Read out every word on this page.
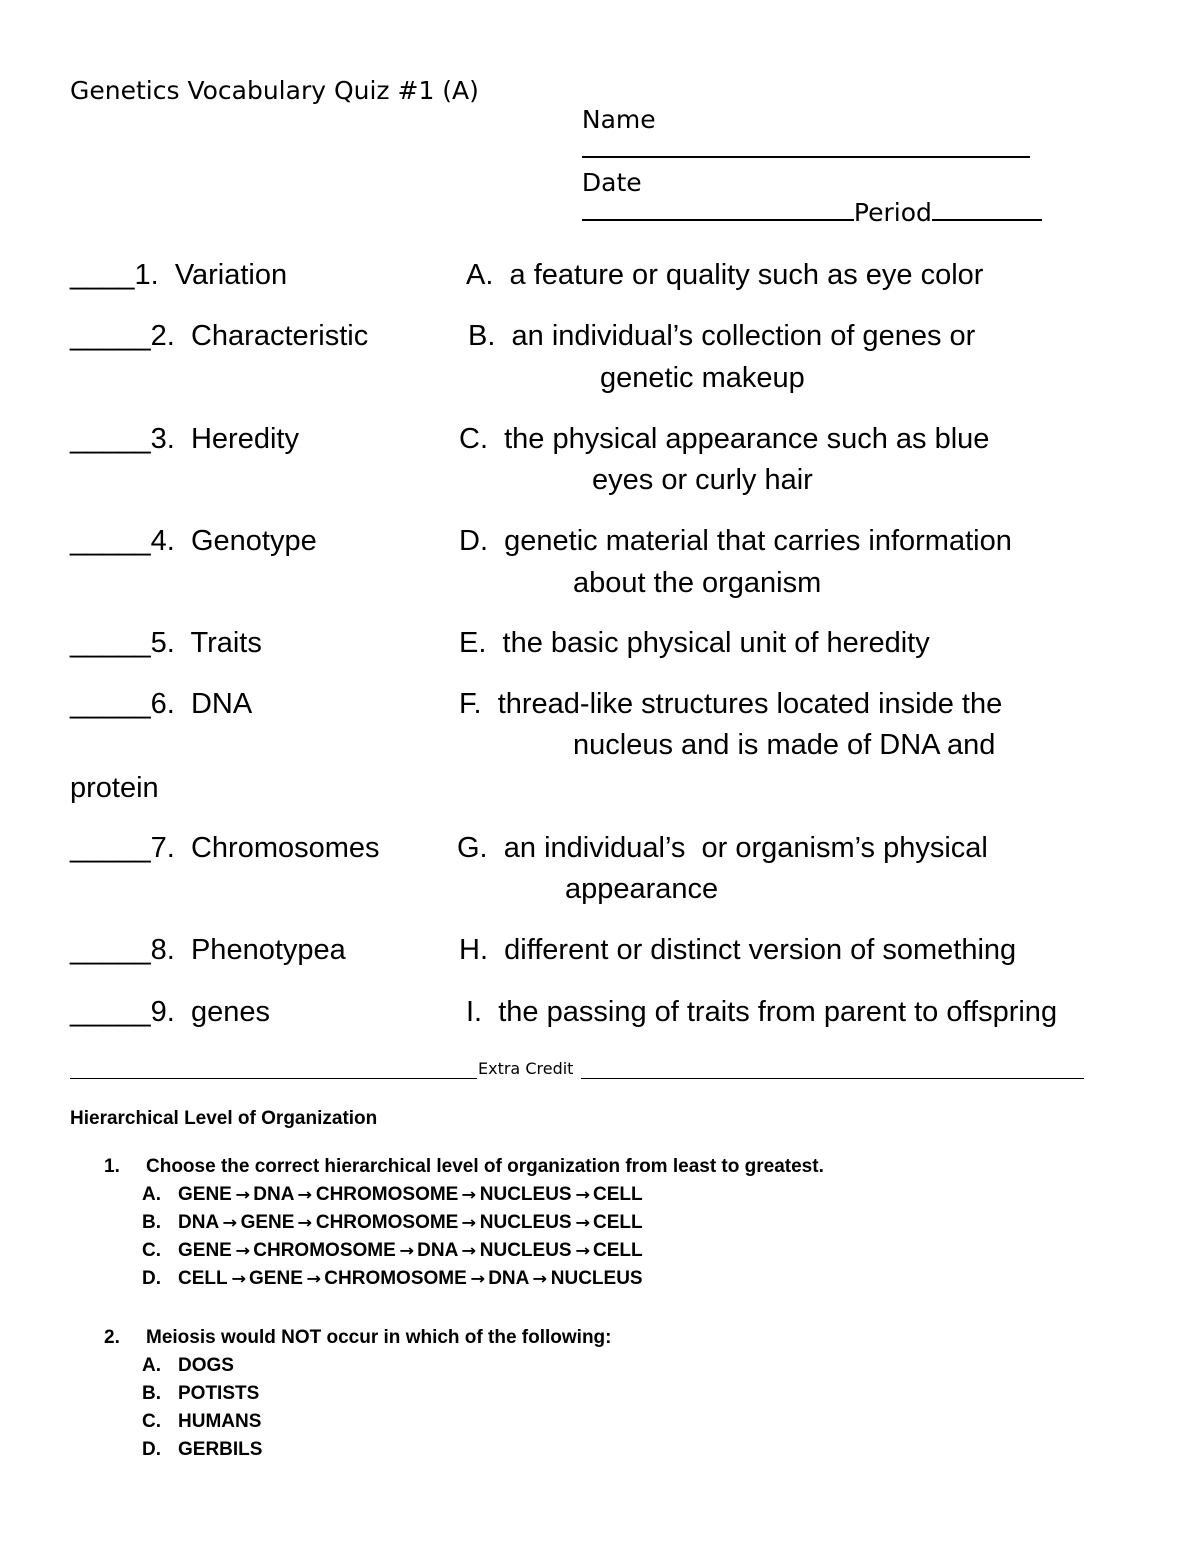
Genetics Vocabulary Quiz #1 (A)

Name

Date
Period

____1. Variation	A. a feature or quality such as eye color
_____2. Characteristic	B. an individual’s collection of genes or
genetic makeup
_____3. Heredity	C. the physical appearance such as blue
eyes or curly hair
_____4. Genotype	D. genetic material that carries information
about the organism
_____5. Traits	E. the basic physical unit of heredity
_____6. DNA	F. thread-like structures located inside the
nucleus and is made of DNA and
protein
_____7. Chromosomes	G. an individual’s  or organism’s physical
appearance
_____8. Phenotypea	H. different or distinct version of something
_____9. genes	I. the passing of traits from parent to offspring
Extra Credit
Hierarchical Level of Organization
1. Choose the correct hierarchical level of organization from least to greatest.
A. GENE → DNA → CHROMOSOME → NUCLEUS → CELL
B. DNA → GENE → CHROMOSOME → NUCLEUS → CELL
C. GENE → CHROMOSOME → DNA → NUCLEUS → CELL
D. CELL → GENE → CHROMOSOME → DNA → NUCLEUS
2. Meiosis would NOT occur in which of the following:
A. DOGS
B. POTISTS
C. HUMANS
D. GERBILS
